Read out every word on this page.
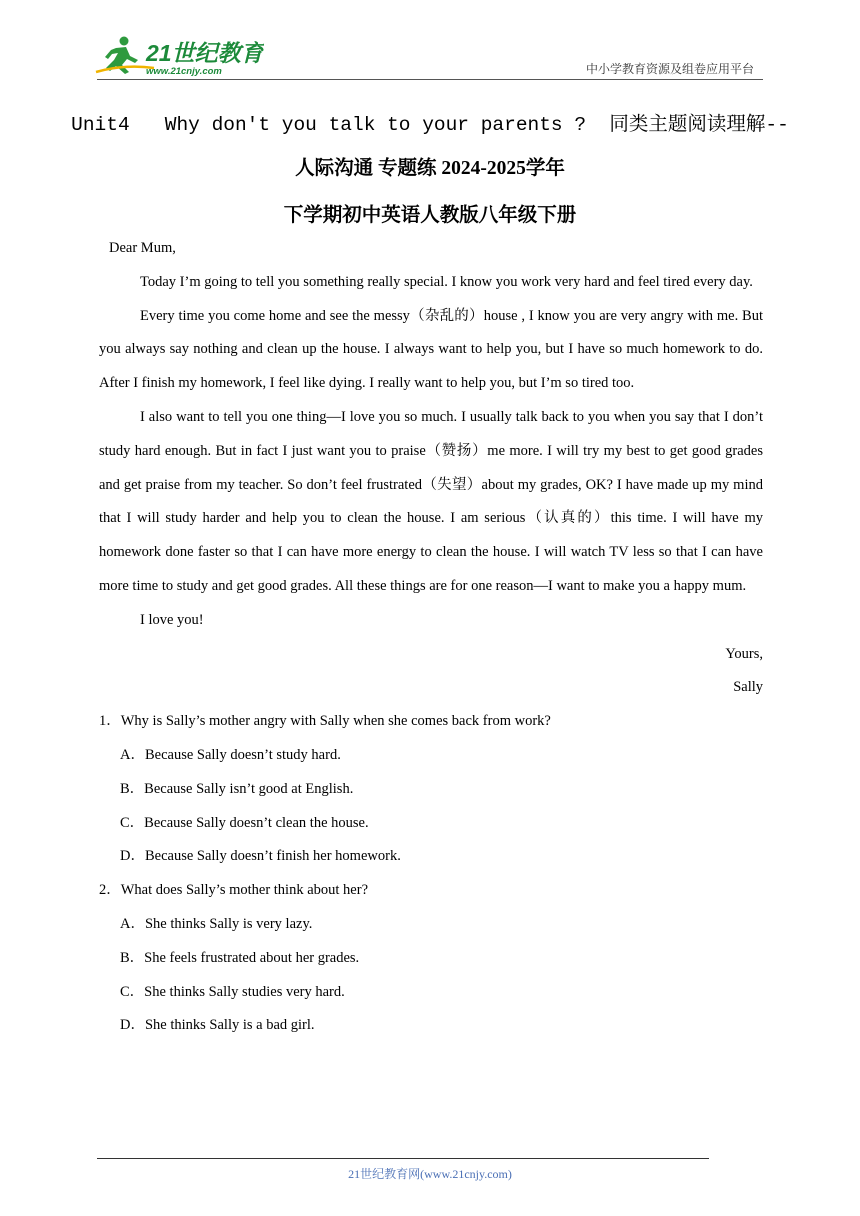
21世纪教育
www.21cnjy.com	中小学教育资源及组卷应用平台
Unit4   Why don't you talk to your parents ?  同类主题阅读理解--
人际沟通 专题练 2024-2025学年
下学期初中英语人教版八年级下册

Dear Mum,

Today I’m going to tell you something really special. I know you work very hard and feel tired every day.

Every time you come home and see the messy（杂乱的）house , I know you are very angry with me. But you always say nothing and clean up the house. I always want to help you, but I have so much homework to do. After I finish my homework, I feel like dying. I really want to help you, but I’m so tired too.

I also want to tell you one thing—I love you so much. I usually talk back to you when you say that I don’t study hard enough. But in fact I just want you to praise（赞扬）me more. I will try my best to get good grades and get praise from my teacher. So don’t feel frustrated（失望）about my grades, OK? I have made up my mind that I will study harder and help you to clean the house. I am serious（认真的）this time. I will have my homework done faster so that I can have more energy to clean the house. I will watch TV less so that I can have more time to study and get good grades. All these things are for one reason—I want to make you a happy mum.

I love you!

Yours,

Sally

1．Why is Sally’s mother angry with Sally when she comes back from work?

A．Because Sally doesn’t study hard.

B．Because Sally isn’t good at English.

C．Because Sally doesn’t clean the house.

D．Because Sally doesn’t finish her homework.

2．What does Sally’s mother think about her?

A．She thinks Sally is very lazy.

B．She feels frustrated about her grades.

C．She thinks Sally studies very hard.

D．She thinks Sally is a bad girl.

21世纪教育网(www.21cnjy.com)
